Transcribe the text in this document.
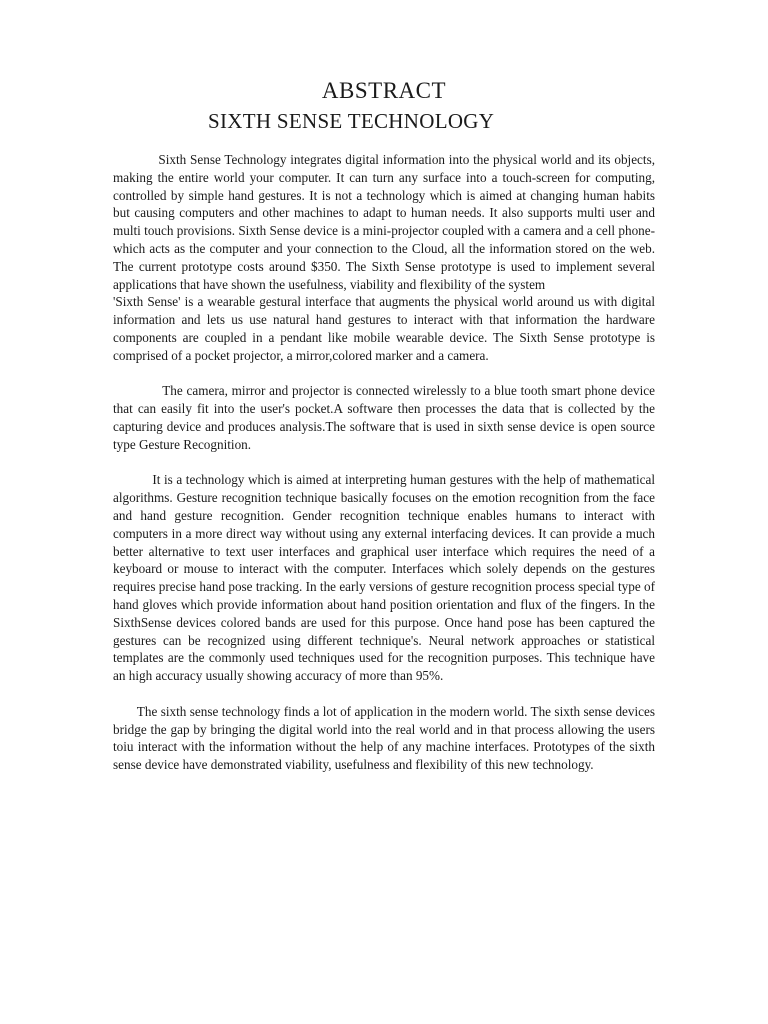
ABSTRACT
SIXTH SENSE TECHNOLOGY

Sixth Sense Technology integrates digital information into the physical world and its objects, making the entire world your computer. It can turn any surface into a touch-screen for computing, controlled by simple hand gestures. It is not a technology which is aimed at changing human habits but causing computers and other machines to adapt to human needs. It also supports multi user and multi touch provisions. Sixth Sense device is a mini-projector coupled with a camera and a cell phone-which acts as the computer and your connection to the Cloud, all the information stored on the web. The current prototype costs around $350. The Sixth Sense prototype is used to implement several applications that have shown the usefulness, viability and flexibility of the system

'Sixth Sense' is a wearable gestural interface that augments the physical world around us with digital information and lets us use natural hand gestures to interact with that information the hardware components are coupled in a pendant like mobile wearable device. The Sixth Sense prototype is comprised of a pocket projector, a mirror,colored marker and a camera.

The camera, mirror and projector is connected wirelessly to a blue tooth smart phone device that can easily fit into the user's pocket.A software then processes the data that is collected by the capturing device and produces analysis.The software that is used in sixth sense device is open source type Gesture Recognition.

It is a technology which is aimed at interpreting human gestures with the help of mathematical algorithms. Gesture recognition technique basically focuses on the emotion recognition from the face and hand gesture recognition. Gender recognition technique enables humans to interact with computers in a more direct way without using any external interfacing devices. It can provide a much better alternative to text user interfaces and graphical user interface which requires the need of a keyboard or mouse to interact with the computer. Interfaces which solely depends on the gestures requires precise hand pose tracking. In the early versions of gesture recognition process special type of hand gloves which provide information about hand position orientation and flux of the fingers. In the SixthSense devices colored bands are used for this purpose. Once hand pose has been captured the gestures can be recognized using different technique's. Neural network approaches or statistical templates are the commonly used techniques used for the recognition purposes. This technique have an high accuracy usually showing accuracy of more than 95%.

The sixth sense technology finds a lot of application in the modern world. The sixth sense devices bridge the gap by bringing the digital world into the real world and in that process allowing the users toiu interact with the information without the help of any machine interfaces. Prototypes of the sixth sense device have demonstrated viability, usefulness and flexibility of this new technology.
